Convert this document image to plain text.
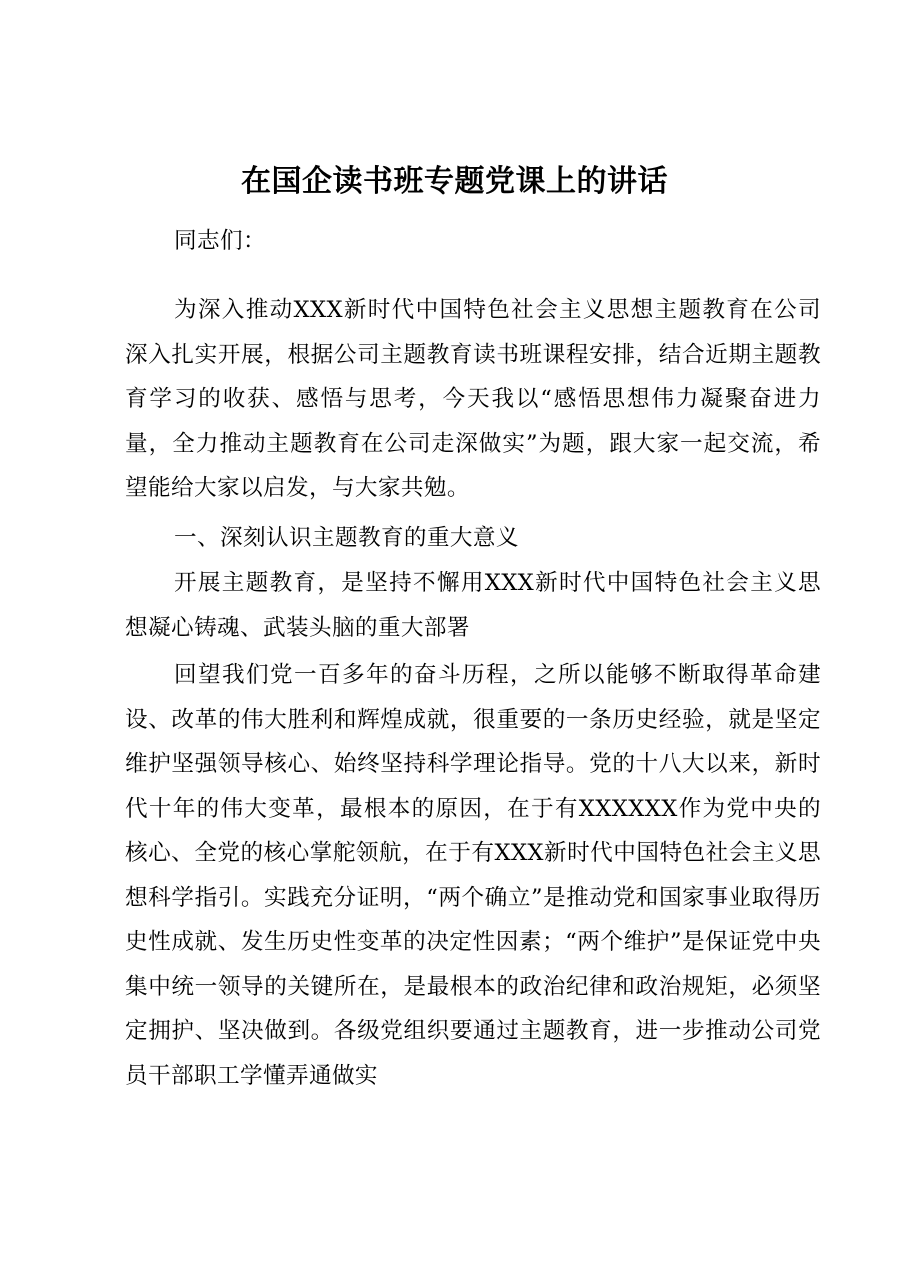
在国企读书班专题党课上的讲话

同志们：

为深入推动XXX新时代中国特色社会主义思想主题教育在公司深入扎实开展，根据公司主题教育读书班课程安排，结合近期主题教育学习的收获、感悟与思考，今天我以“感悟思想伟力凝聚奋进力量，全力推动主题教育在公司走深做实”为题，跟大家一起交流，希望能给大家以启发，与大家共勉。

一、深刻认识主题教育的重大意义

开展主题教育，是坚持不懈用XXX新时代中国特色社会主义思想凝心铸魂、武装头脑的重大部署

回望我们党一百多年的奋斗历程，之所以能够不断取得革命建设、改革的伟大胜利和辉煌成就，很重要的一条历史经验，就是坚定维护坚强领导核心、始终坚持科学理论指导。党的十八大以来，新时代十年的伟大变革，最根本的原因，在于有XXXXXX作为党中央的核心、全党的核心掌舵领航，在于有XXX新时代中国特色社会主义思想科学指引。实践充分证明，“两个确立”是推动党和国家事业取得历史性成就、发生历史性变革的决定性因素；“两个维护”是保证党中央集中统一领导的关键所在，是最根本的政治纪律和政治规矩，必须坚定拥护、坚决做到。各级党组织要通过主题教育，进一步推动公司党员干部职工学懂弄通做实
